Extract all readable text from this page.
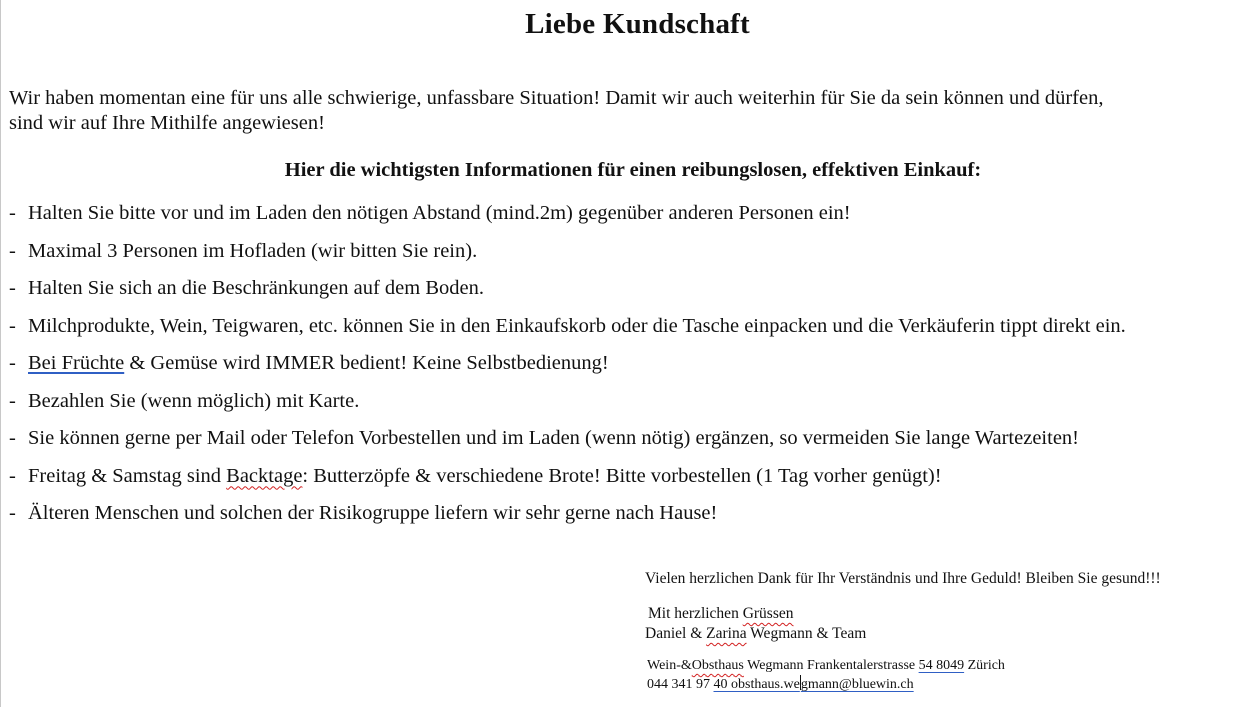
Liebe Kundschaft
Wir haben momentan eine für uns alle schwierige, unfassbare Situation! Damit wir auch weiterhin für Sie da sein können und dürfen,
sind wir auf Ihre Mithilfe angewiesen!
Hier die wichtigsten Informationen für einen reibungslosen, effektiven Einkauf:
- Halten Sie bitte vor und im Laden den nötigen Abstand (mind.2m) gegenüber anderen Personen ein!
- Maximal 3 Personen im Hofladen (wir bitten Sie rein).
- Halten Sie sich an die Beschränkungen auf dem Boden.
- Milchprodukte, Wein, Teigwaren, etc. können Sie in den Einkaufskorb oder die Tasche einpacken und die Verkäuferin tippt direkt ein.
- Bei Früchte & Gemüse wird IMMER bedient! Keine Selbstbedienung!
- Bezahlen Sie (wenn möglich) mit Karte.
- Sie können gerne per Mail oder Telefon Vorbestellen und im Laden (wenn nötig) ergänzen, so vermeiden Sie lange Wartezeiten!
- Freitag & Samstag sind Backtage: Butterzöpfe & verschiedene Brote! Bitte vorbestellen (1 Tag vorher genügt)!
- Älteren Menschen und solchen der Risikogruppe liefern wir sehr gerne nach Hause!
Vielen herzlichen Dank für Ihr Verständnis und Ihre Geduld! Bleiben Sie gesund!!!
Mit herzlichen Grüssen
Daniel & Zarina Wegmann & Team
Wein-&Obsthaus Wegmann Frankentalerstrasse 54 8049 Zürich
044 341 97 40 obsthaus.wegmann@bluewin.ch
